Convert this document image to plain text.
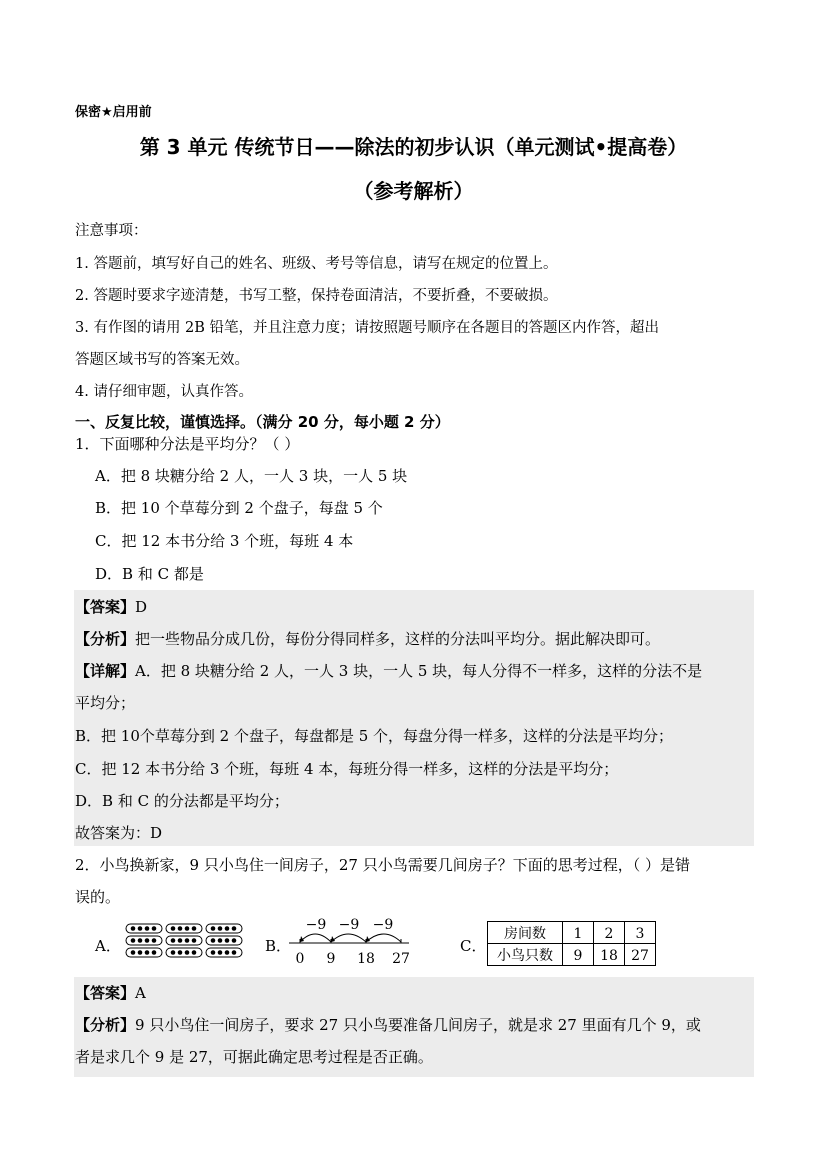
保密★启用前
第 3 单元 传统节日——除法的初步认识（单元测试•提高卷）
（参考解析）
注意事项：
1. 答题前，填写好自己的姓名、班级、考号等信息，请写在规定的位置上。
2. 答题时要求字迹清楚，书写工整，保持卷面清洁，不要折叠，不要破损。
3. 有作图的请用 2B 铅笔，并且注意力度；请按照题号顺序在各题目的答题区内作答，超出
答题区域书写的答案无效。
4. 请仔细审题，认真作答。
一、反复比较，谨慎选择。（满分 20 分，每小题 2 分）
1．下面哪种分法是平均分？（ ）
A．把 8 块糖分给 2 人，一人 3 块，一人 5 块
B．把 10 个草莓分到 2 个盘子，每盘 5 个
C．把 12 本书分给 3 个班，每班 4 本
D．B 和 C 都是
【答案】D
【分析】把一些物品分成几份，每份分得同样多，这样的分法叫平均分。据此解决即可。
【详解】A．把 8 块糖分给 2 人，一人 3 块，一人 5 块，每人分得不一样多，这样的分法不是
平均分；
B．把 10个草莓分到 2 个盘子，每盘都是 5 个，每盘分得一样多，这样的分法是平均分；
C．把 12 本书分给 3 个班，每班 4 本，每班分得一样多，这样的分法是平均分；
D．B 和 C 的分法都是平均分；
故答案为：D
2．小鸟换新家，9 只小鸟住一间房子，27 只小鸟需要几间房子？下面的思考过程，（ ）是错
误的。
A．	B．
−9
−9
−9
0 9 18 27
C．
房间数 1 2 3
小鸟只数 9 18 27
【答案】A
【分析】9 只小鸟住一间房子，要求 27 只小鸟要准备几间房子，就是求 27 里面有几个 9，或
者是求几个 9 是 27，可据此确定思考过程是否正确。
